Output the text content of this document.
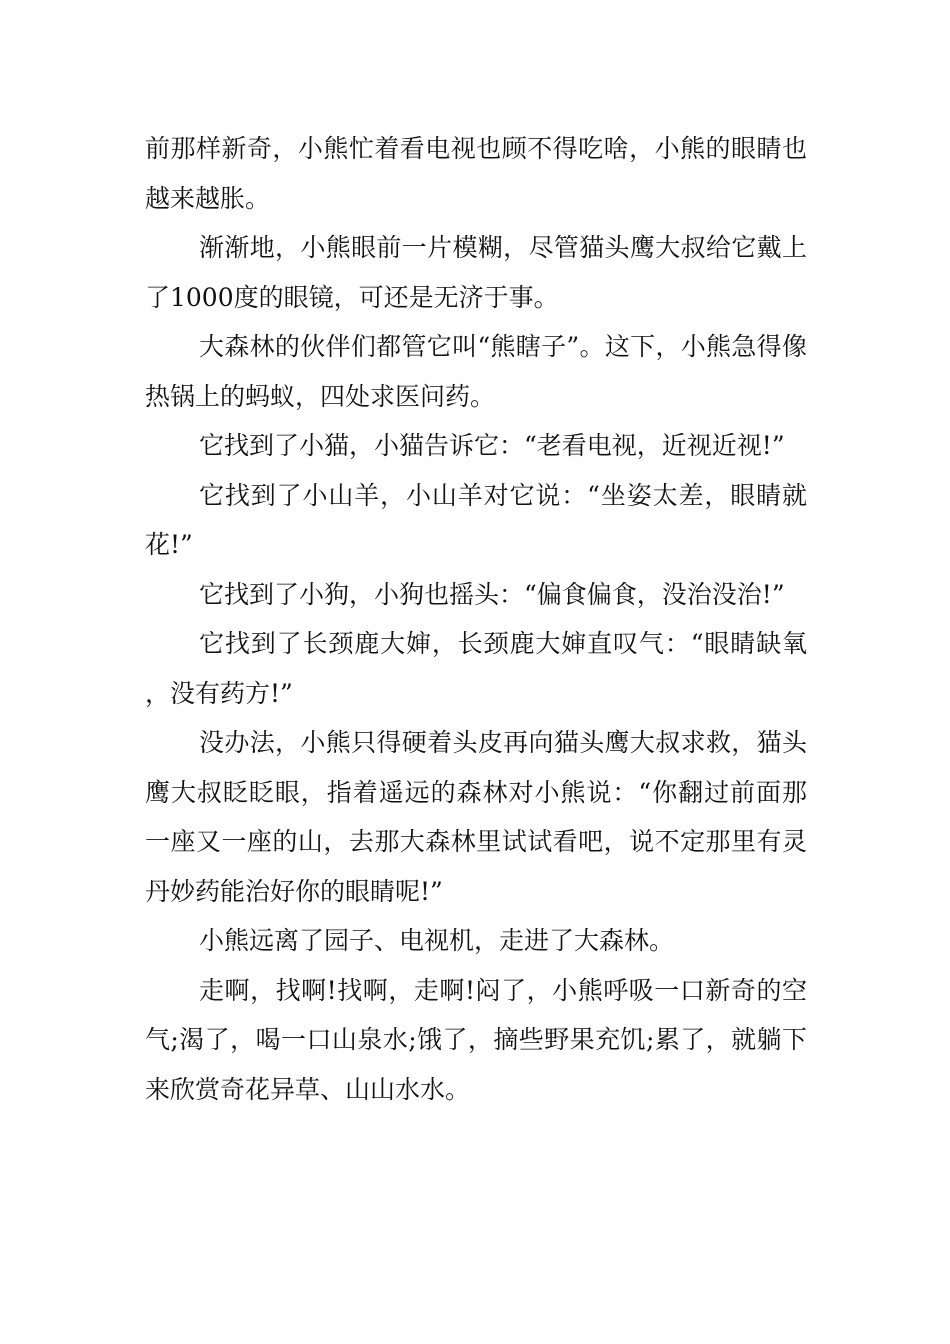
前那样新奇，小熊忙着看电视也顾不得吃啥，小熊的眼睛也越来越胀。

渐渐地，小熊眼前一片模糊，尽管猫头鹰大叔给它戴上了1000度的眼镜，可还是无济于事。

大森林的伙伴们都管它叫“熊瞎子”。这下，小熊急得像热锅上的蚂蚁，四处求医问药。

它找到了小猫，小猫告诉它：“老看电视，近视近视!”

它找到了小山羊，小山羊对它说：“坐姿太差，眼睛就花!”

它找到了小狗，小狗也摇头：“偏食偏食，没治没治!”

它找到了长颈鹿大婶，长颈鹿大婶直叹气：“眼睛缺氧，没有药方!”

没办法，小熊只得硬着头皮再向猫头鹰大叔求救，猫头鹰大叔眨眨眼，指着遥远的森林对小熊说：“你翻过前面那一座又一座的山，去那大森林里试试看吧，说不定那里有灵丹妙药能治好你的眼睛呢!”

小熊远离了园子、电视机，走进了大森林。

走啊，找啊!找啊，走啊!闷了，小熊呼吸一口新奇的空气;渴了，喝一口山泉水;饿了，摘些野果充饥;累了，就躺下来欣赏奇花异草、山山水水。
